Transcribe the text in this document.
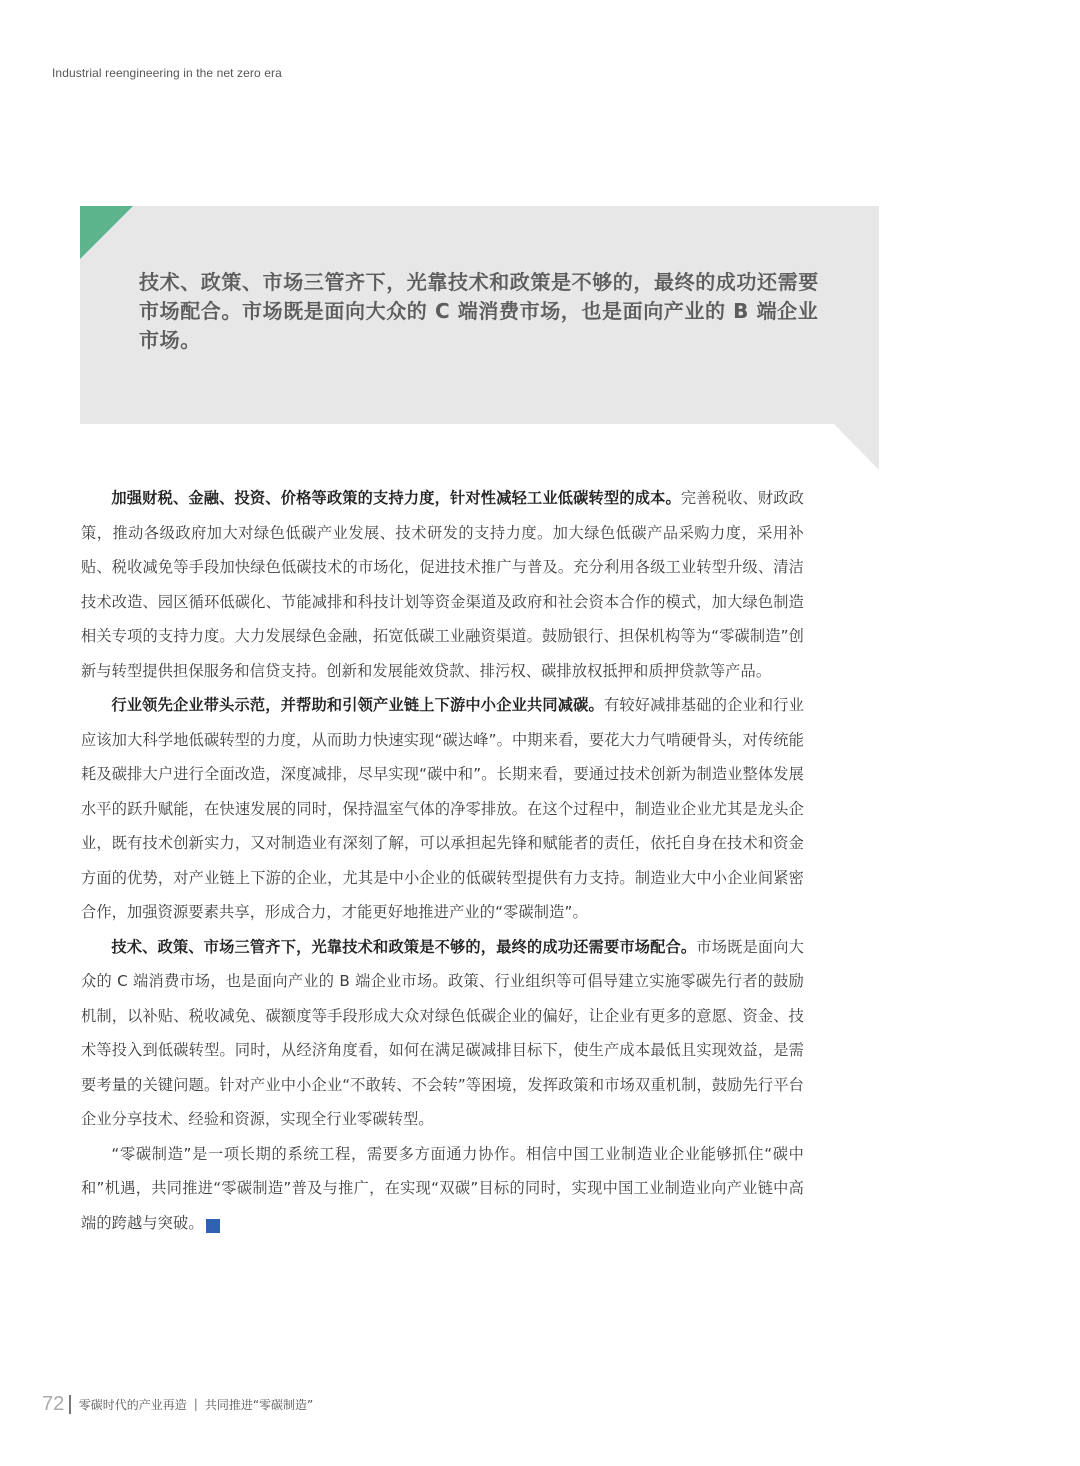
Industrial reengineering in the net zero era
技术、政策、市场三管齐下，光靠技术和政策是不够的，最终的成功还需要市场配合。市场既是面向大众的 C 端消费市场，也是面向产业的 B 端企业市场。

加强财税、金融、投资、价格等政策的支持力度，针对性减轻工业低碳转型的成本。完善税收、财政政策，推动各级政府加大对绿色低碳产业发展、技术研发的支持力度。加大绿色低碳产品采购力度，采用补贴、税收减免等手段加快绿色低碳技术的市场化，促进技术推广与普及。充分利用各级工业转型升级、清洁技术改造、园区循环低碳化、节能减排和科技计划等资金渠道及政府和社会资本合作的模式，加大绿色制造相关专项的支持力度。大力发展绿色金融，拓宽低碳工业融资渠道。鼓励银行、担保机构等为“零碳制造”创新与转型提供担保服务和信贷支持。创新和发展能效贷款、排污权、碳排放权抵押和质押贷款等产品。

行业领先企业带头示范，并帮助和引领产业链上下游中小企业共同减碳。有较好减排基础的企业和行业应该加大科学地低碳转型的力度，从而助力快速实现“碳达峰”。中期来看，要花大力气啃硬骨头，对传统能耗及碳排大户进行全面改造，深度减排，尽早实现“碳中和”。长期来看，要通过技术创新为制造业整体发展水平的跃升赋能，在快速发展的同时，保持温室气体的净零排放。在这个过程中，制造业企业尤其是龙头企业，既有技术创新实力，又对制造业有深刻了解，可以承担起先锋和赋能者的责任，依托自身在技术和资金方面的优势，对产业链上下游的企业，尤其是中小企业的低碳转型提供有力支持。制造业大中小企业间紧密合作，加强资源要素共享，形成合力，才能更好地推进产业的“零碳制造”。

技术、政策、市场三管齐下，光靠技术和政策是不够的，最终的成功还需要市场配合。市场既是面向大众的 C 端消费市场，也是面向产业的 B 端企业市场。政策、行业组织等可倡导建立实施零碳先行者的鼓励机制，以补贴、税收减免、碳额度等手段形成大众对绿色低碳企业的偏好，让企业有更多的意愿、资金、技术等投入到低碳转型。同时，从经济角度看，如何在满足碳减排目标下，使生产成本最低且实现效益，是需要考量的关键问题。针对产业中小企业“不敢转、不会转”等困境，发挥政策和市场双重机制，鼓励先行平台企业分享技术、经验和资源，实现全行业零碳转型。

“零碳制造”是一项长期的系统工程，需要多方面通力协作。相信中国工业制造业企业能够抓住“碳中和”机遇，共同推进“零碳制造”普及与推广，在实现“双碳”目标的同时，实现中国工业制造业向产业链中高端的跨越与突破。	⚡

72 零碳时代的产业再造 | 共同推进“零碳制造”
